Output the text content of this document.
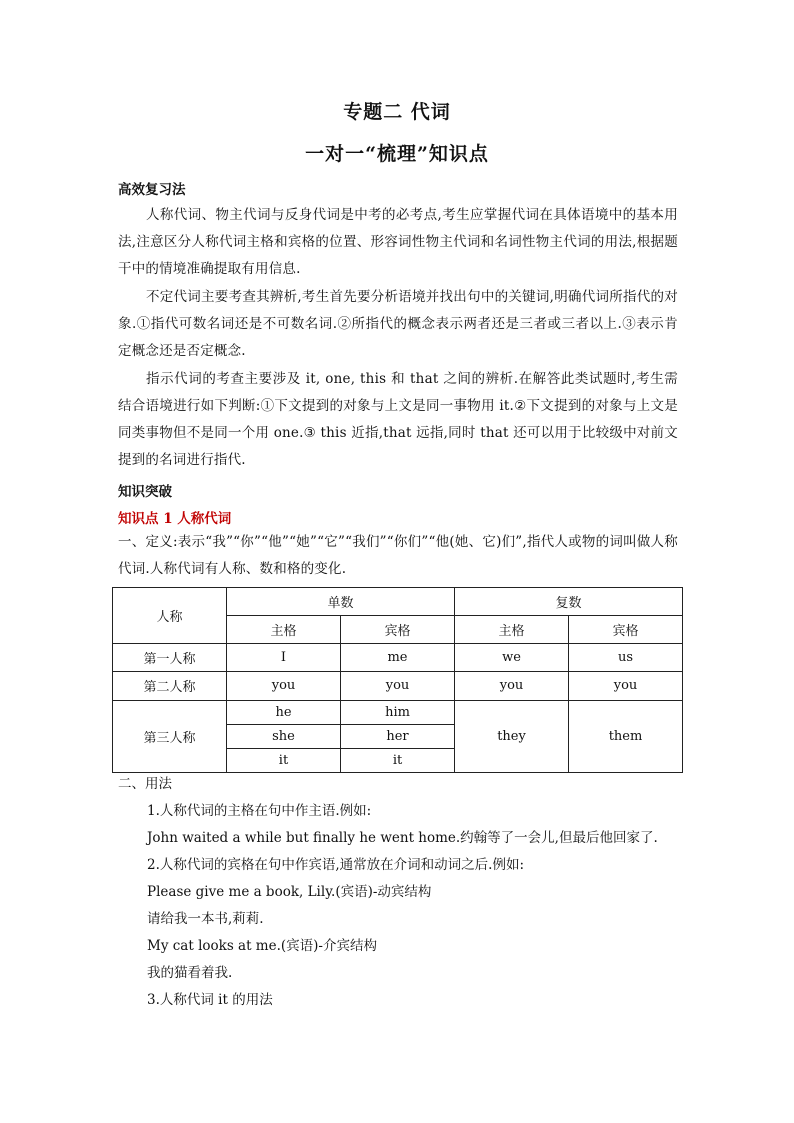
专题二 代词
一对一“梳理”知识点
高效复习法
人称代词、物主代词与反身代词是中考的必考点,考生应掌握代词在具体语境中的基本用法,注意区分人称代词主格和宾格的位置、形容词性物主代词和名词性物主代词的用法,根据题干中的情境准确提取有用信息.
不定代词主要考查其辨析,考生首先要分析语境并找出句中的关键词,明确代词所指代的对象.①指代可数名词还是不可数名词.②所指代的概念表示两者还是三者或三者以上.③表示肯定概念还是否定概念.
指示代词的考查主要涉及 it, one, this 和 that 之间的辨析.在解答此类试题时,考生需结合语境进行如下判断:①下文提到的对象与上文是同一事物用 it.②下文提到的对象与上文是同类事物但不是同一个用 one.③ this 近指,that 远指,同时 that 还可以用于比较级中对前文提到的名词进行指代.
知识突破
知识点 1 人称代词
一、定义:表示“我”“你”“他”“她”“它”“我们”“你们”“他(她、它)们”,指代人或物的词叫做人称代词.人称代词有人称、数和格的变化.
人称	单数		复数	
	主格	宾格	主格	宾格
第一人称	I	me	we	us
第二人称	you	you	you	you
第三人称	he	him	they	them
	she	her		
	it	it		
二、用法
1.人称代词的主格在句中作主语.例如:
John waited a while but finally he went home.约翰等了一会儿,但最后他回家了.
2.人称代词的宾格在句中作宾语,通常放在介词和动词之后.例如:
Please give me a book, Lily.(宾语)-动宾结构
请给我一本书,莉莉.
My cat looks at me.(宾语)-介宾结构
我的猫看着我.
3.人称代词 it 的用法
